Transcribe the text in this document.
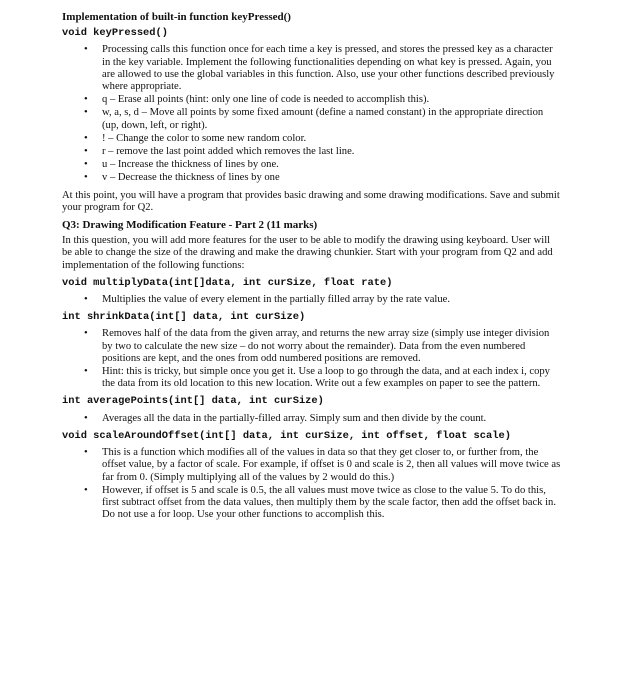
Implementation of built-in function keyPressed()
void keyPressed()
• Processing calls this function once for each time a key is pressed, and stores the pressed key as a character in the key variable. Implement the following functionalities depending on what key is pressed. Again, you are allowed to use the global variables in this function. Also, use your other functions described previously where appropriate.
• q – Erase all points (hint: only one line of code is needed to accomplish this).
• w, a, s, d – Move all points by some fixed amount (define a named constant) in the appropriate direction (up, down, left, or right).
• ! – Change the color to some new random color.
• r – remove the last point added which removes the last line.
• u – Increase the thickness of lines by one.
• v – Decrease the thickness of lines by one

At this point, you will have a program that provides basic drawing and some drawing modifications. Save and submit your program for Q2.

Q3: Drawing Modification Feature - Part 2 (11 marks)

In this question, you will add more features for the user to be able to modify the drawing using keyboard. User will be able to change the size of the drawing and make the drawing chunkier. Start with your program from Q2 and add implementation of the following functions:

void multiplyData(int[]data, int curSize, float rate)
• Multiplies the value of every element in the partially filled array by the rate value.
int shrinkData(int[] data, int curSize)
• Removes half of the data from the given array, and returns the new array size (simply use integer division by two to calculate the new size – do not worry about the remainder). Data from the even numbered positions are kept, and the ones from odd numbered positions are removed.
• Hint: this is tricky, but simple once you get it. Use a loop to go through the data, and at each index i, copy the data from its old location to this new location. Write out a few examples on paper to see the pattern.
int averagePoints(int[] data, int curSize)
• Averages all the data in the partially-filled array. Simply sum and then divide by the count.
void scaleAroundOffset(int[] data, int curSize, int offset, float scale)
• This is a function which modifies all of the values in data so that they get closer to, or further from, the offset value, by a factor of scale. For example, if offset is 0 and scale is 2, then all values will move twice as far from 0. (Simply multiplying all of the values by 2 would do this.)
• However, if offset is 5 and scale is 0.5, the all values must move twice as close to the value 5. To do this, first subtract offset from the data values, then multiply them by the scale factor, then add the offset back in. Do not use a for loop. Use your other functions to accomplish this.
